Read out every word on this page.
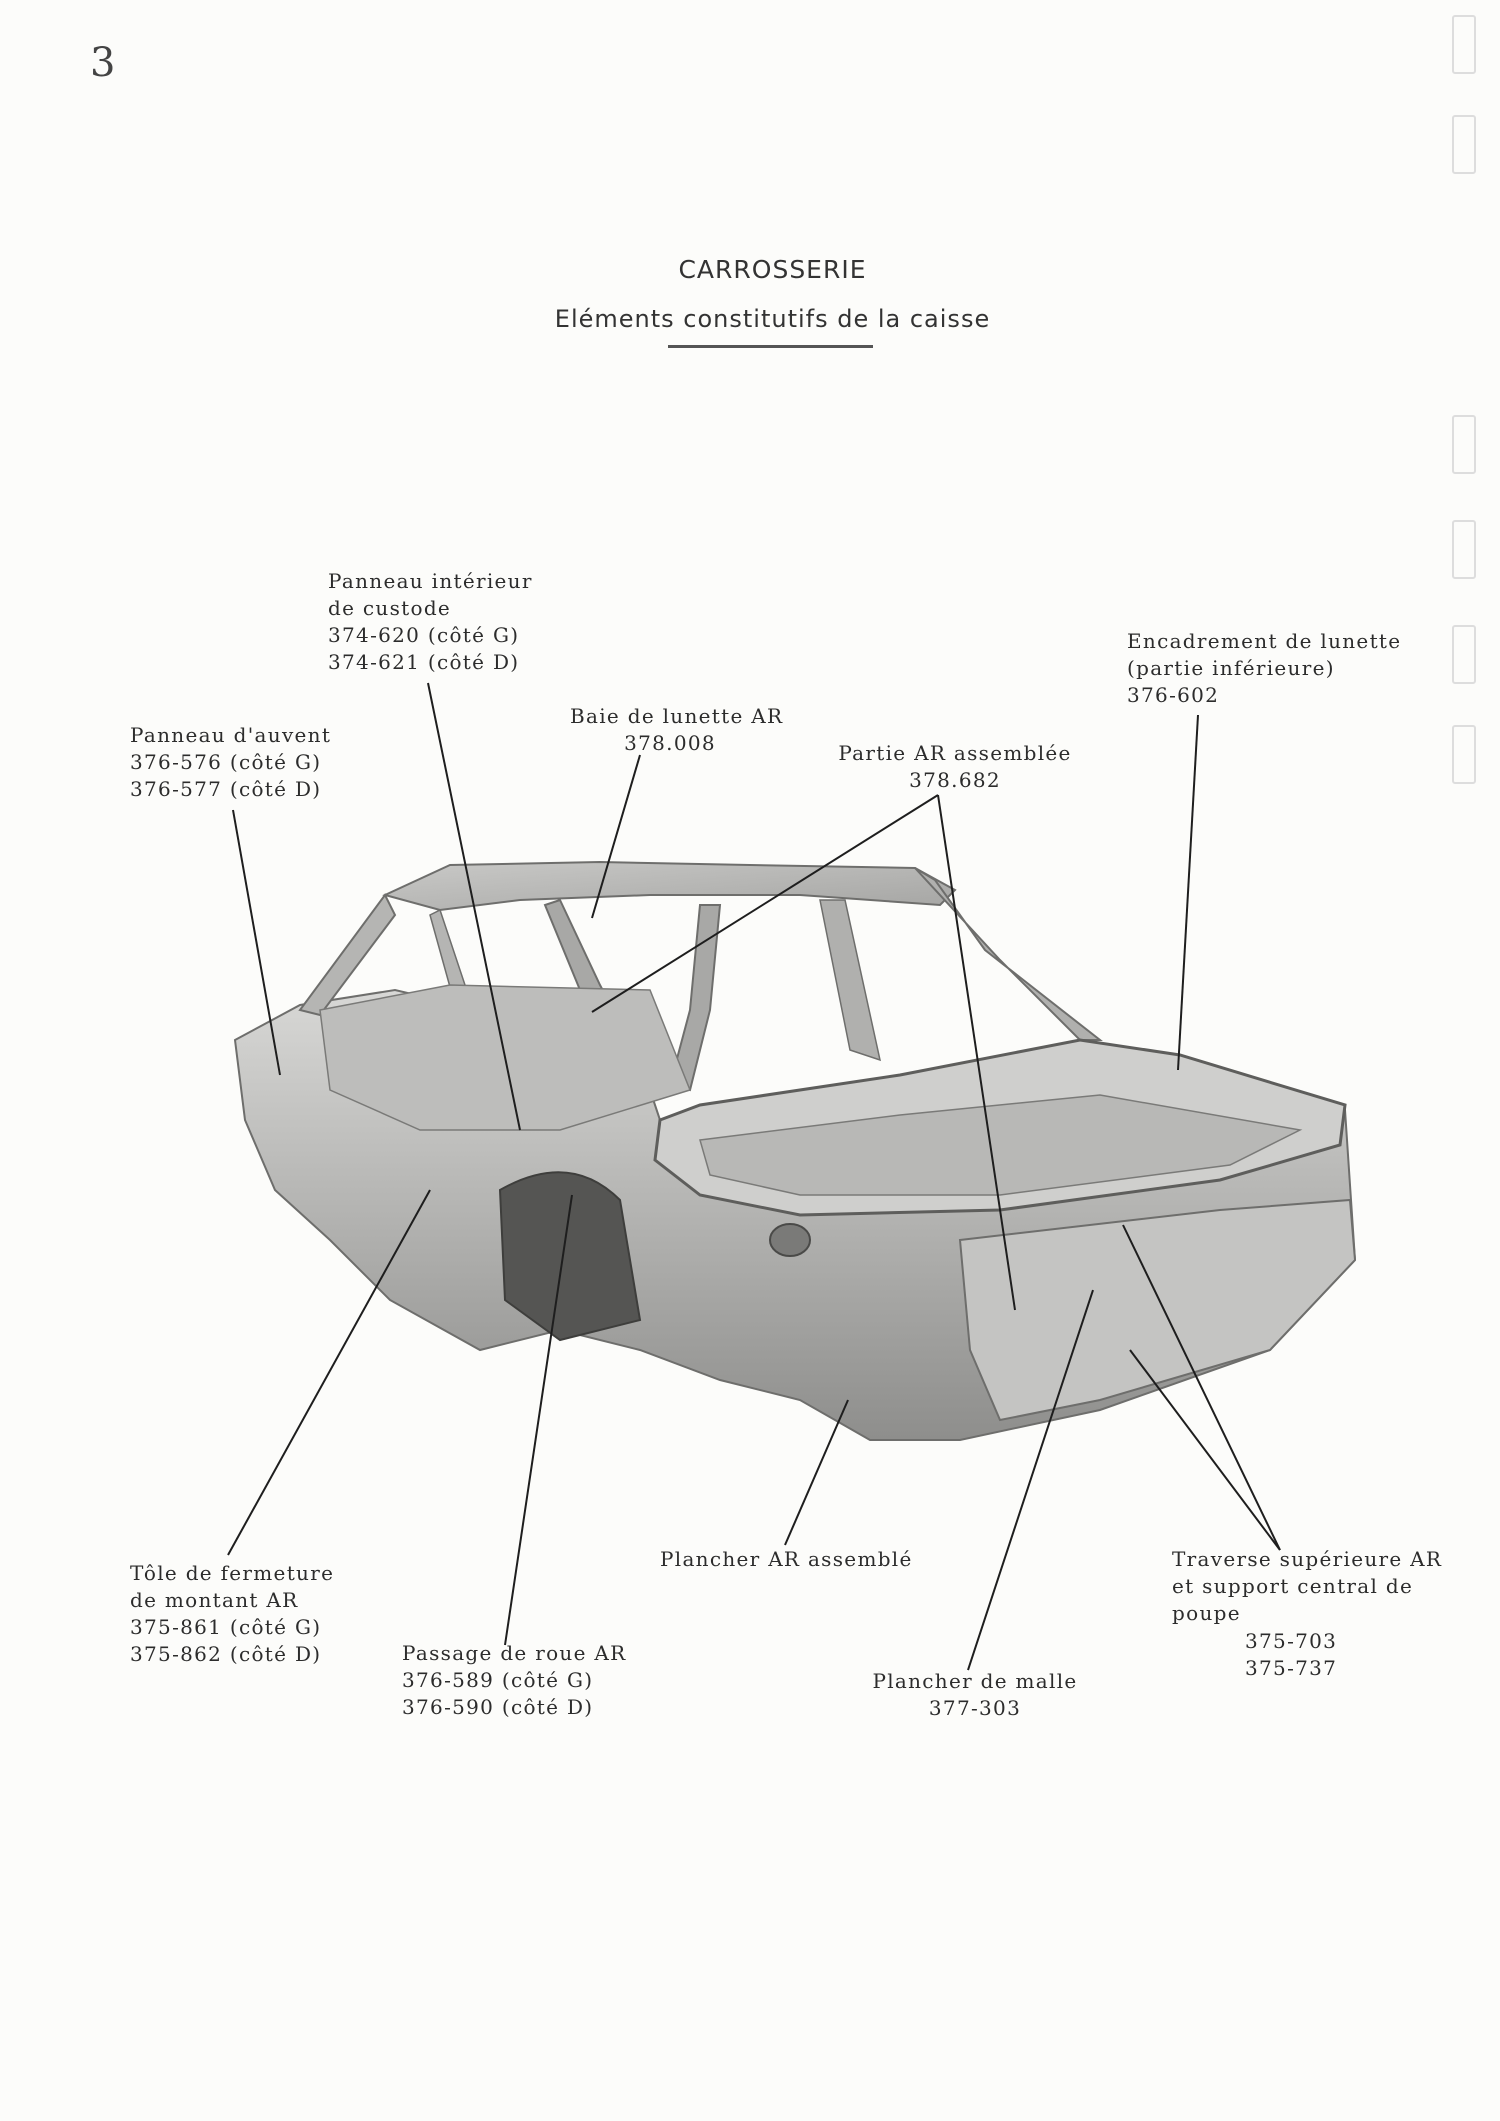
3
CARROSSERIE
Eléments constitutifs de la caisse
Panneau d'auvent
376-576 (côté G)
376-577 (côté D)
Panneau intérieur
de custode
374-620 (côté G)
374-621 (côté D)
Baie de lunette AR
378.008	Partie AR assemblée
378.682
Encadrement de lunette
(partie inférieure)
376-602
Tôle de fermeture
de montant AR
375-861 (côté G)
375-862 (côté D)	Passage de roue AR
376-589 (côté G)
376-590 (côté D)
Plancher AR assemblé
Plancher de malle
377-303
Traverse supérieure AR
et support central de
poupe
375-703
375-737
